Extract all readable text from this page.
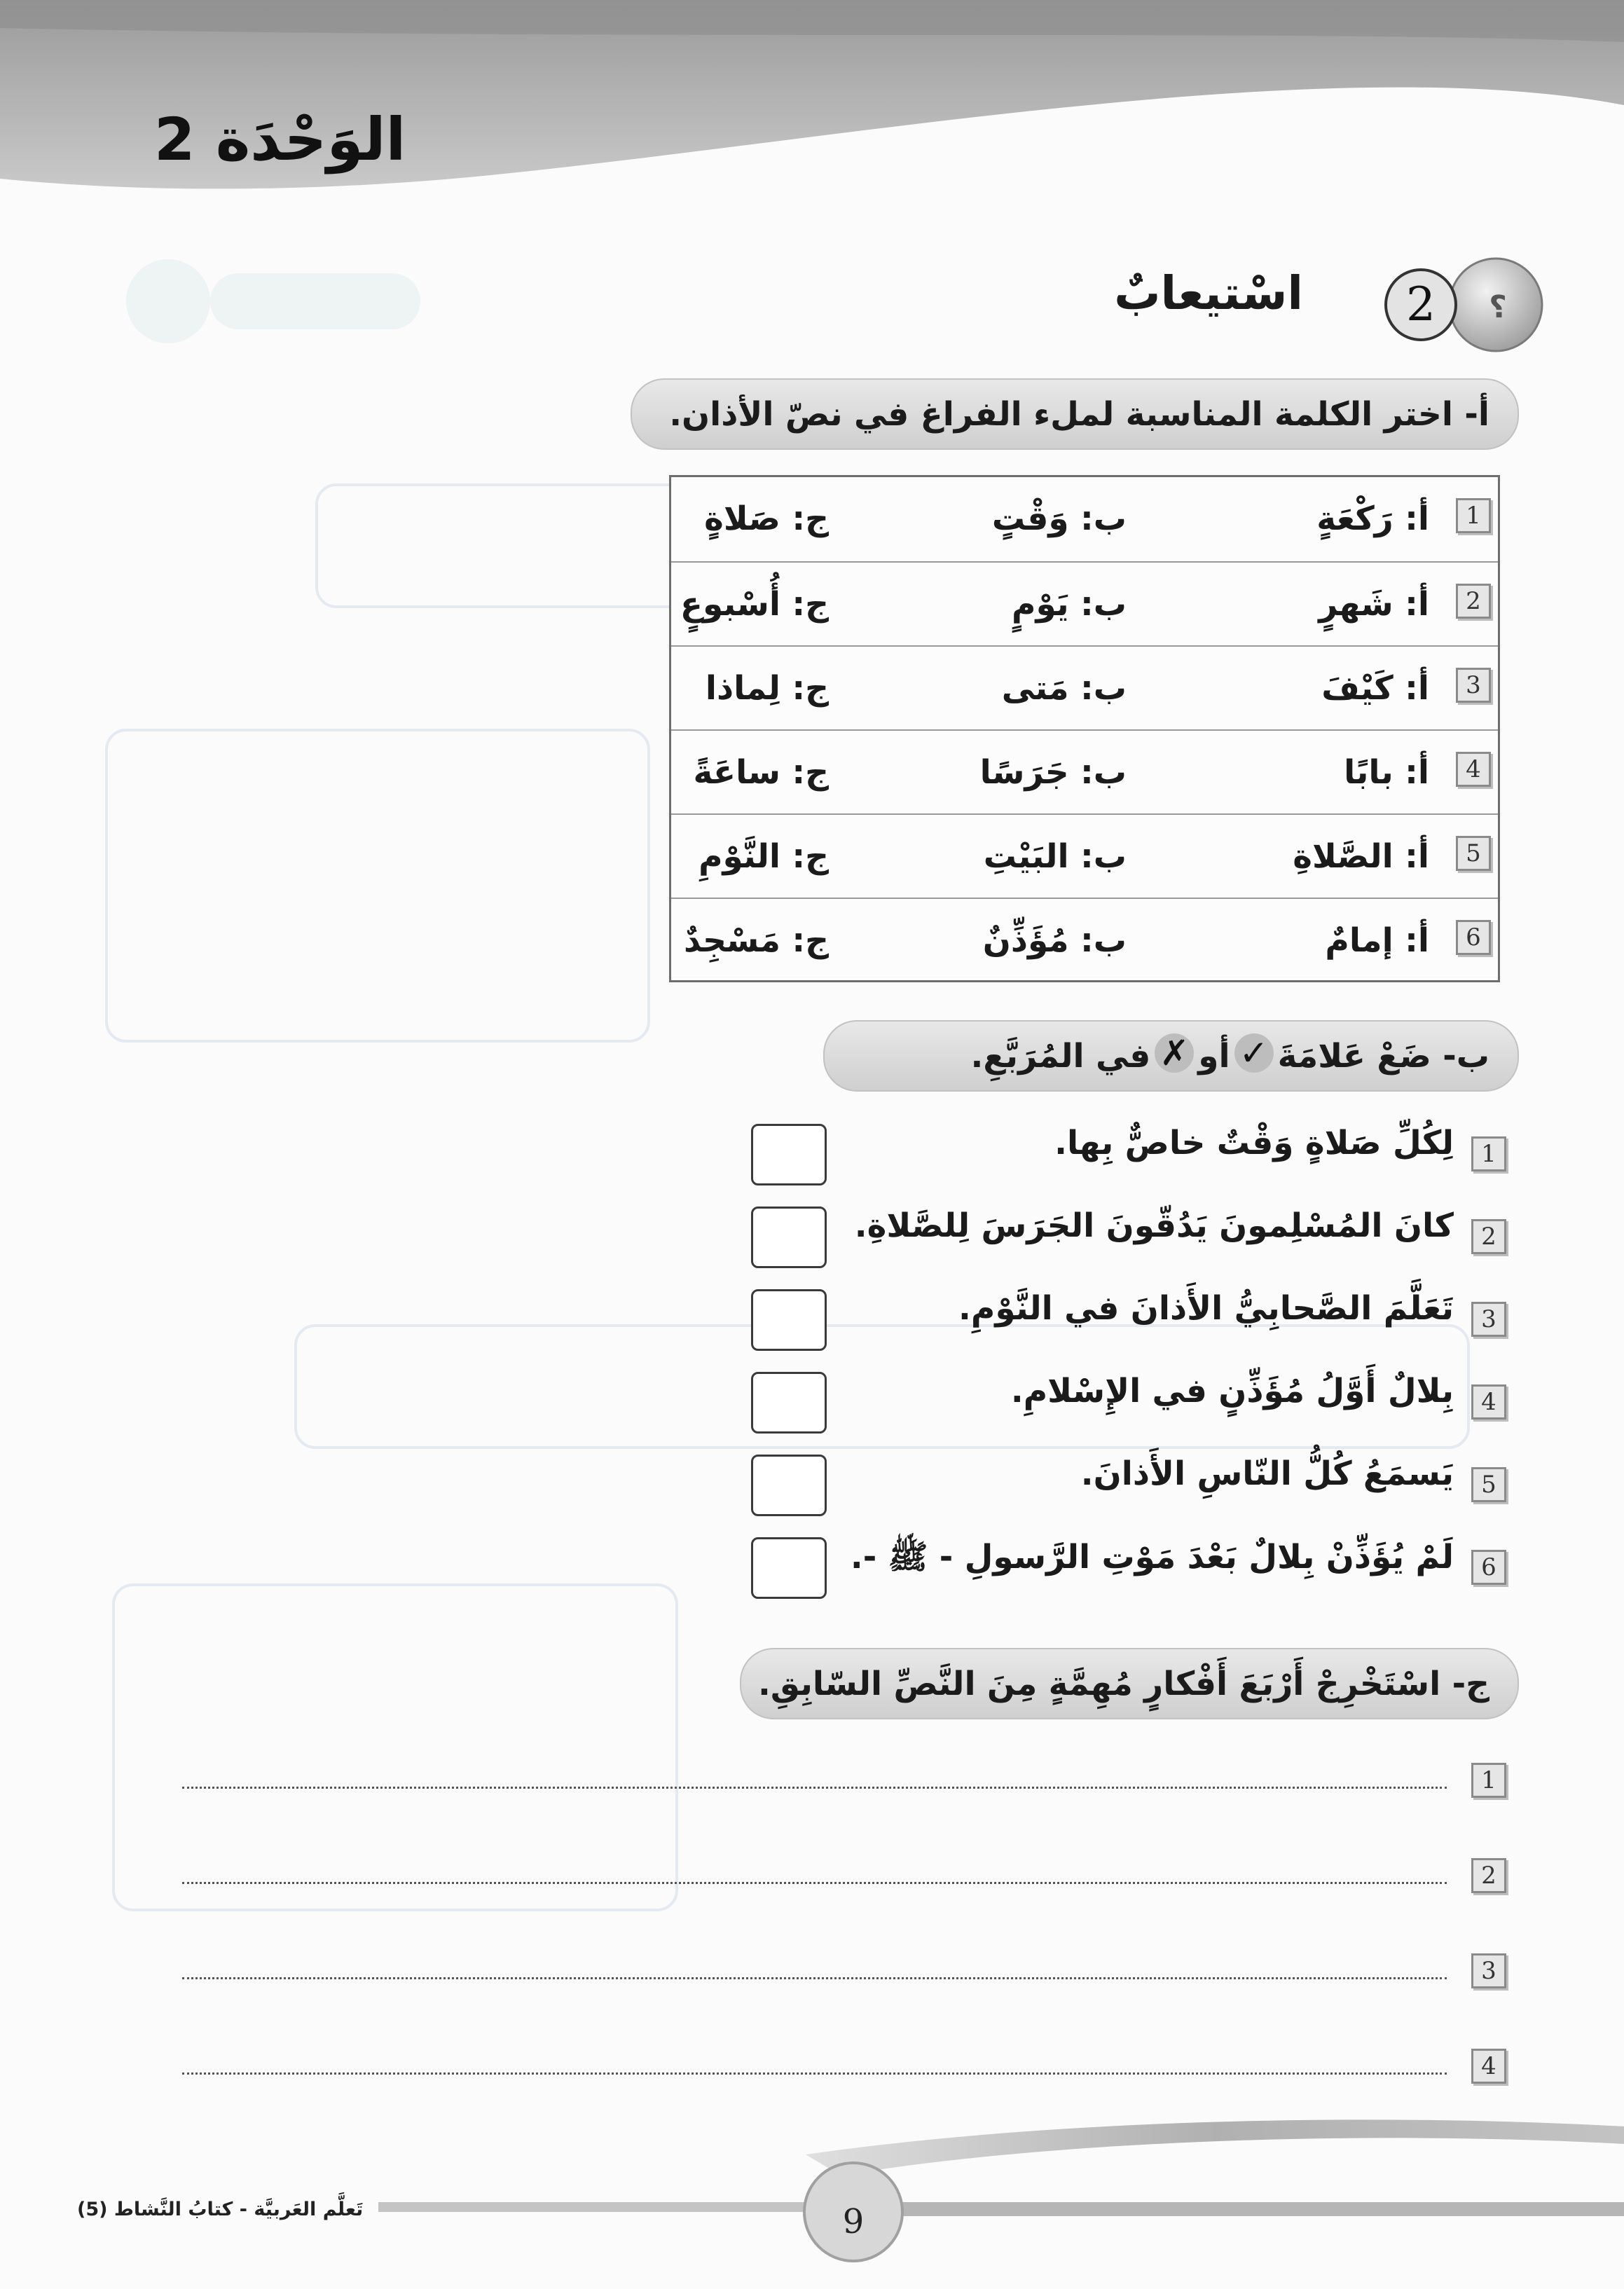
الوَحْدَة 2
2 ؟
اسْتيعابٌ
أ- اختر الكلمة المناسبة لملء الفراغ في نصّ الأذان.
1
أ: رَكْعَةٍ
ب: وَقْتٍ
ج: صَلاةٍ
2
أ: شَهرٍ
ب: يَوْمٍ
ج: أُسْبوعٍ
3
أ: كَيْفَ
ب: مَتى
ج: لِماذا
4
أ: بابًا
ب: جَرَسًا
ج: ساعَةً
5
أ: الصَّلاةِ
ب: البَيْتِ
ج: النَّوْمِ
6
أ: إمامٌ
ب: مُؤَذِّنٌ
ج: مَسْجِدٌ
ب- ضَعْ عَلامَةَ
✓
أو
✗
في المُرَبَّعِ.
1
لِكُلِّ صَلاةٍ وَقْتٌ خاصٌّ بِها.
2
كانَ المُسْلِمونَ يَدُقّونَ الجَرَسَ لِلصَّلاةِ.
3
تَعَلَّمَ الصَّحابِيُّ الأَذانَ في النَّوْمِ.
4
بِلالٌ أَوَّلُ مُؤَذِّنٍ في الإِسْلامِ.
5
يَسمَعُ كُلُّ النّاسِ الأَذانَ.
6
لَمْ يُؤَذِّنْ بِلالٌ بَعْدَ مَوْتِ الرَّسولِ - ﷺ -.
ج- اسْتَخْرِجْ أَرْبَعَ أَفْكارٍ مُهِمَّةٍ مِنَ النَّصِّ السّابِقِ.
1
2
3
4
9
تَعلَّم العَربيَّة - كتابُ النَّشاط (5)
